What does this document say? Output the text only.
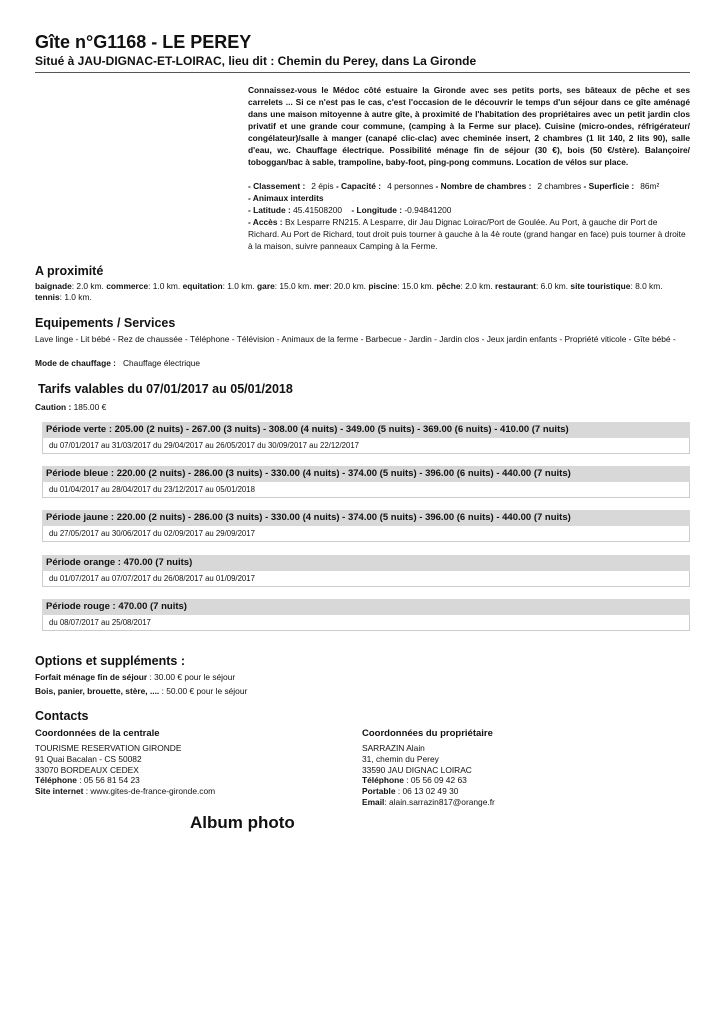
Gîte n°G1168 - LE PEREY
Situé à JAU-DIGNAC-ET-LOIRAC, lieu dit : Chemin du Perey, dans La Gironde
Connaissez-vous le Médoc côté estuaire la Gironde avec ses petits ports, ses bâteaux de pêche et ses carrelets ... Si ce n'est pas le cas, c'est l'occasion de le découvrir le temps d'un séjour dans ce gîte aménagé dans une maison mitoyenne à autre gîte, à proximité de l'habitation des propriétaires avec un petit jardin clos privatif et une grande cour commune, (camping à la Ferme sur place). Cuisine (micro-ondes, réfrigérateur/ congélateur)/salle à manger (canapé clic-clac) avec cheminée insert, 2 chambres (1 lit 140, 2 lits 90), salle d'eau, wc. Chauffage électrique. Possibilité ménage fin de séjour (30 €), bois (50 €/stère). Balançoire/ toboggan/bac à sable, trampoline, baby-foot, ping-pong communs. Location de vélos sur place.
- Classement : 2 épis - Capacité : 4 personnes - Nombre de chambres : 2 chambres - Superficie : 86m²
- Animaux interdits
- Latitude : 45.41508200 - Longitude : -0.94841200
- Accès : Bx Lesparre RN215. A Lesparre, dir Jau Dignac Loirac/Port de Goulée. Au Port, à gauche dir Port de Richard. Au Port de Richard, tout droit puis tourner à gauche à la 4è route (grand hangar en face) puis tourner à droite à la maison, suivre panneaux Camping à la Ferme.
A proximité
baignade: 2.0 km. commerce: 1.0 km. equitation: 1.0 km. gare: 15.0 km. mer: 20.0 km. piscine: 15.0 km. pêche: 2.0 km. restaurant: 6.0 km. site touristique: 8.0 km. tennis: 1.0 km.
Equipements / Services
Lave linge - Lit bébé - Rez de chaussée - Téléphone - Télévision - Animaux de la ferme - Barbecue - Jardin - Jardin clos - Jeux jardin enfants - Propriété viticole - Gîte bébé -
Mode de chauffage : Chauffage électrique
Tarifs valables du 07/01/2017 au 05/01/2018
Caution : 185.00 €
Période verte : 205.00 (2 nuits) - 267.00 (3 nuits) - 308.00 (4 nuits) - 349.00 (5 nuits) - 369.00 (6 nuits) - 410.00 (7 nuits)
du 07/01/2017 au 31/03/2017 du 29/04/2017 au 26/05/2017 du 30/09/2017 au 22/12/2017
Période bleue : 220.00 (2 nuits) - 286.00 (3 nuits) - 330.00 (4 nuits) - 374.00 (5 nuits) - 396.00 (6 nuits) - 440.00 (7 nuits)
du 01/04/2017 au 28/04/2017 du 23/12/2017 au 05/01/2018
Période jaune : 220.00 (2 nuits) - 286.00 (3 nuits) - 330.00 (4 nuits) - 374.00 (5 nuits) - 396.00 (6 nuits) - 440.00 (7 nuits)
du 27/05/2017 au 30/06/2017 du 02/09/2017 au 29/09/2017
Période orange : 470.00 (7 nuits)
du 01/07/2017 au 07/07/2017 du 26/08/2017 au 01/09/2017
Période rouge : 470.00 (7 nuits)
du 08/07/2017 au 25/08/2017
Options et suppléments :
Forfait ménage fin de séjour : 30.00 € pour le séjour
Bois, panier, brouette, stère, .... : 50.00 € pour le séjour
Contacts
Coordonnées de la centrale
TOURISME RESERVATION GIRONDE
91 Quai Bacalan - CS 50082
33070 BORDEAUX CEDEX
Téléphone : 05 56 81 54 23
Site internet : www.gites-de-france-gironde.com
Coordonnées du propriétaire
SARRAZIN Alain
31, chemin du Perey
33590 JAU DIGNAC LOIRAC
Téléphone : 05 56 09 42 63
Portable : 06 13 02 49 30
Email: alain.sarrazin817@orange.fr
Album photo
